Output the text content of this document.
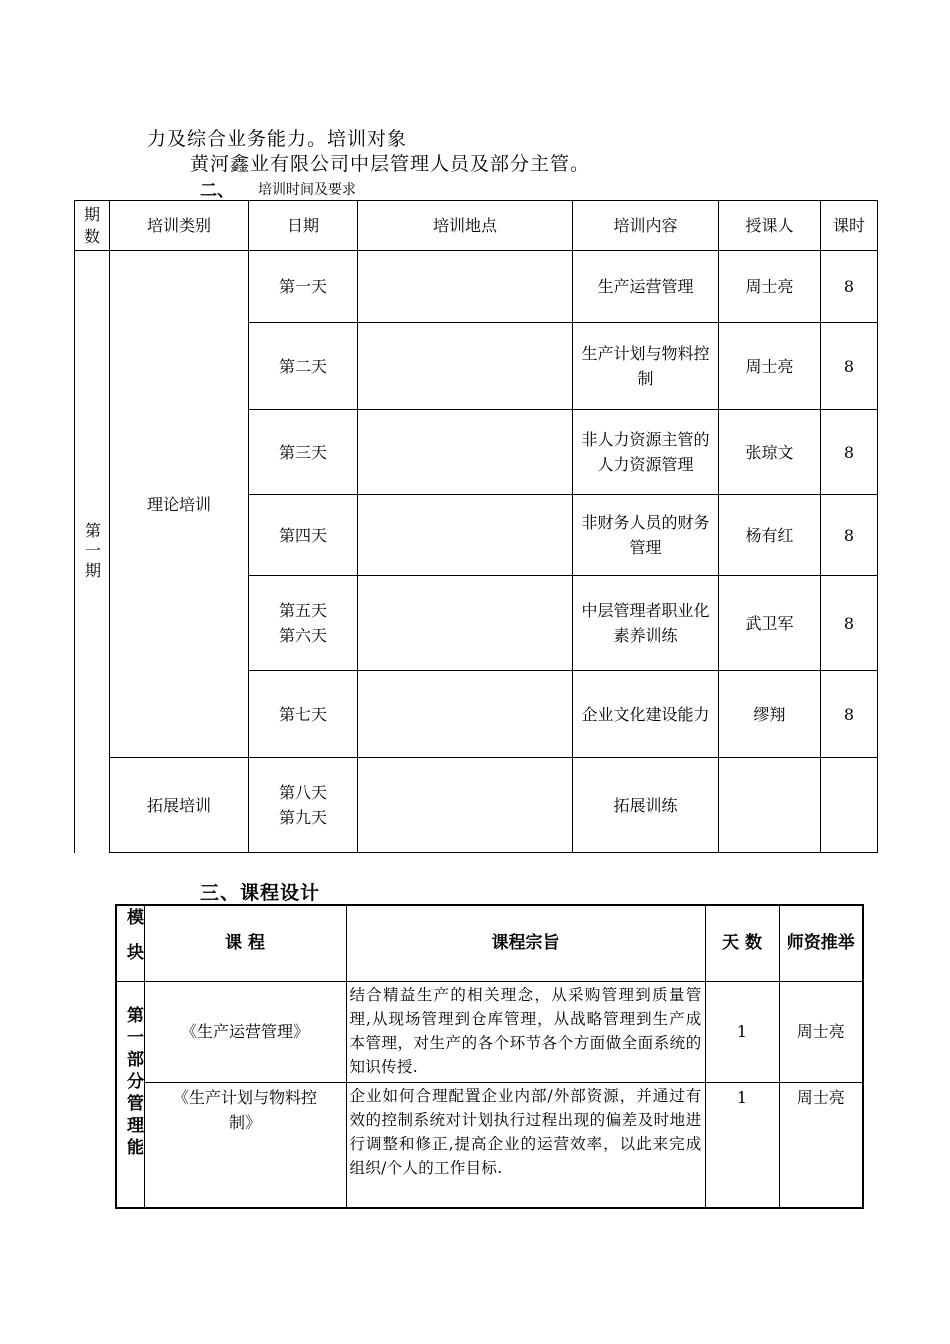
力及综合业务能力。培训对象
黄河鑫业有限公司中层管理人员及部分主管。
二、 培训时间及要求
期
数	培训类别	日期	培训地点	培训内容	授课人	课时

第一期	理论培训	第一天		生产运营管理	周士亮	8
		第二天		生产计划与物料控制	周士亮	8
		第三天		非人力资源主管的人力资源管理	张琼文	8
		第四天		非财务人员的财务管理	杨有红	8

		第五天
第六天		中层管理者职业化素养训练	武卫军	8
		第七天		企业文化建设能力	缪翔	8
	拓展培训	第八天
第九天		拓展训练		
三、课程设计
模块	课 程	课程宗旨	天 数	师资推举

第一部分管理能	《生产运营管理》	结合精益生产的相关理念，从采购管理到质量管理,从现场管理到仓库管理，从战略管理到生产成本管理，对生产的各个环节各个方面做全面系统的知识传授.	1	周士亮
	《生产计划与物料控制》	企业如何合理配置企业内部/外部资源，并通过有效的控制系统对计划执行过程出现的偏差及时地进行调整和修正,提高企业的运营效率，以此来完成组织/个人的工作目标.	1	周士亮
